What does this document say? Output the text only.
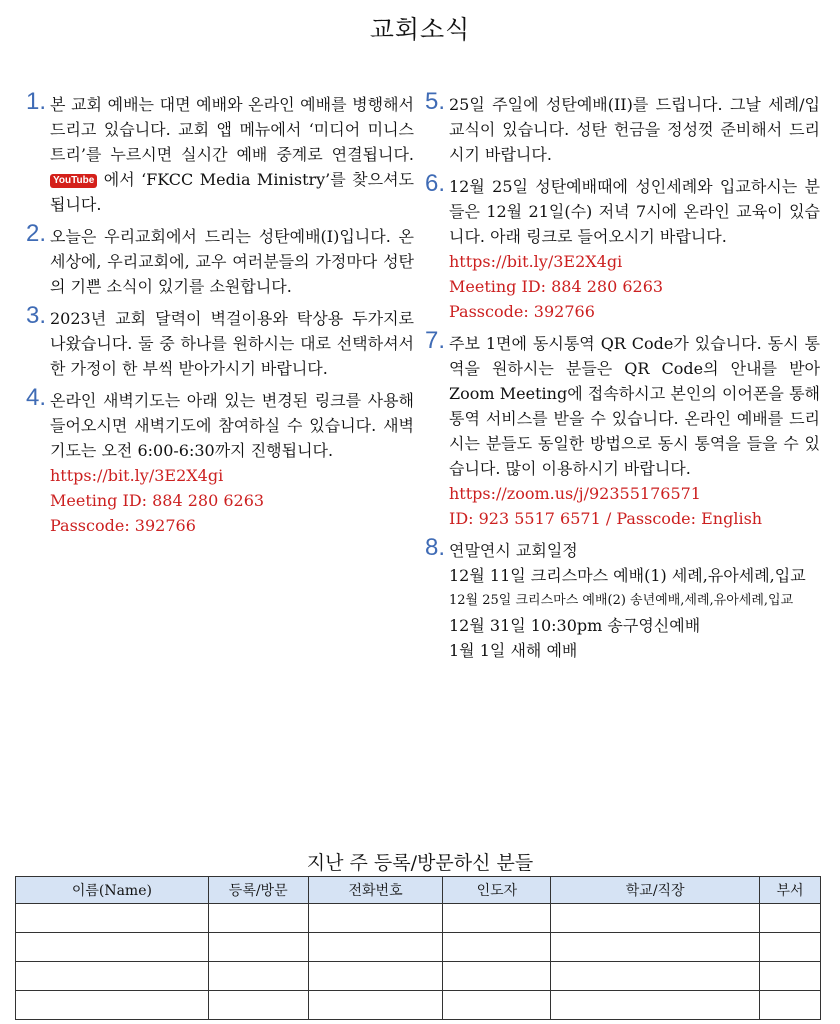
교회소식
1. 본 교회 예배는 대면 예배와 온라인 예배를 병행해서 드리고 있습니다. 교회 앱 메뉴에서 ‘미디어 미니스트리’를 누르시면 실시간 예배 중계로 연결됩니다. YouTube 에서 ‘FKCC Media Ministry’를 찾으셔도 됩니다.
2. 오늘은 우리교회에서 드리는 성탄예배(I)입니다. 온 세상에, 우리교회에, 교우 여러분들의 가정마다 성탄의 기쁜 소식이 있기를 소원합니다.
3. 2023년 교회 달력이 벽걸이용와 탁상용 두가지로 나왔습니다. 둘 중 하나를 원하시는 대로 선택하셔서 한 가정이 한 부씩 받아가시기 바랍니다.
4. 온라인 새벽기도는 아래 있는 변경된 링크를 사용해 들어오시면 새벽기도에 참여하실 수 있습니다. 새벽기도는 오전 6:00-6:30까지 진행됩니다.
https://bit.ly/3E2X4gi
Meeting ID: 884 280 6263
Passcode: 392766
5. 25일 주일에 성탄예배(II)를 드립니다. 그날 세례/입교식이 있습니다. 성탄 헌금을 정성껏 준비해서 드리시기 바랍니다.
6. 12월 25일 성탄예배때에 성인세례와 입교하시는 분들은 12월 21일(수) 저녁 7시에 온라인 교육이 있습니다. 아래 링크로 들어오시기 바랍니다.
https://bit.ly/3E2X4gi
Meeting ID: 884 280 6263
Passcode: 392766
7. 주보 1면에 동시통역 QR Code가 있습니다. 동시 통역을 원하시는 분들은 QR Code의 안내를 받아 Zoom Meeting에 접속하시고 본인의 이어폰을 통해 통역 서비스를 받을 수 있습니다. 온라인 예배를 드리시는 분들도 동일한 방법으로 동시 통역을 들을 수 있습니다. 많이 이용하시기 바랍니다.
https://zoom.us/j/92355176571
ID: 923 5517 6571 / Passcode: English
8. 연말연시 교회일정
12월 11일 크리스마스 예배(1) 세례,유아세례,입교
12월 25일 크리스마스 예배(2) 송년예배,세례,유아세례,입교
12월 31일 10:30pm 송구영신예배
1월 1일 새해 예배
지난 주 등록/방문하신 분들
이름(Name)	등록/방문	전화번호	인도자	학교/직장	부서
